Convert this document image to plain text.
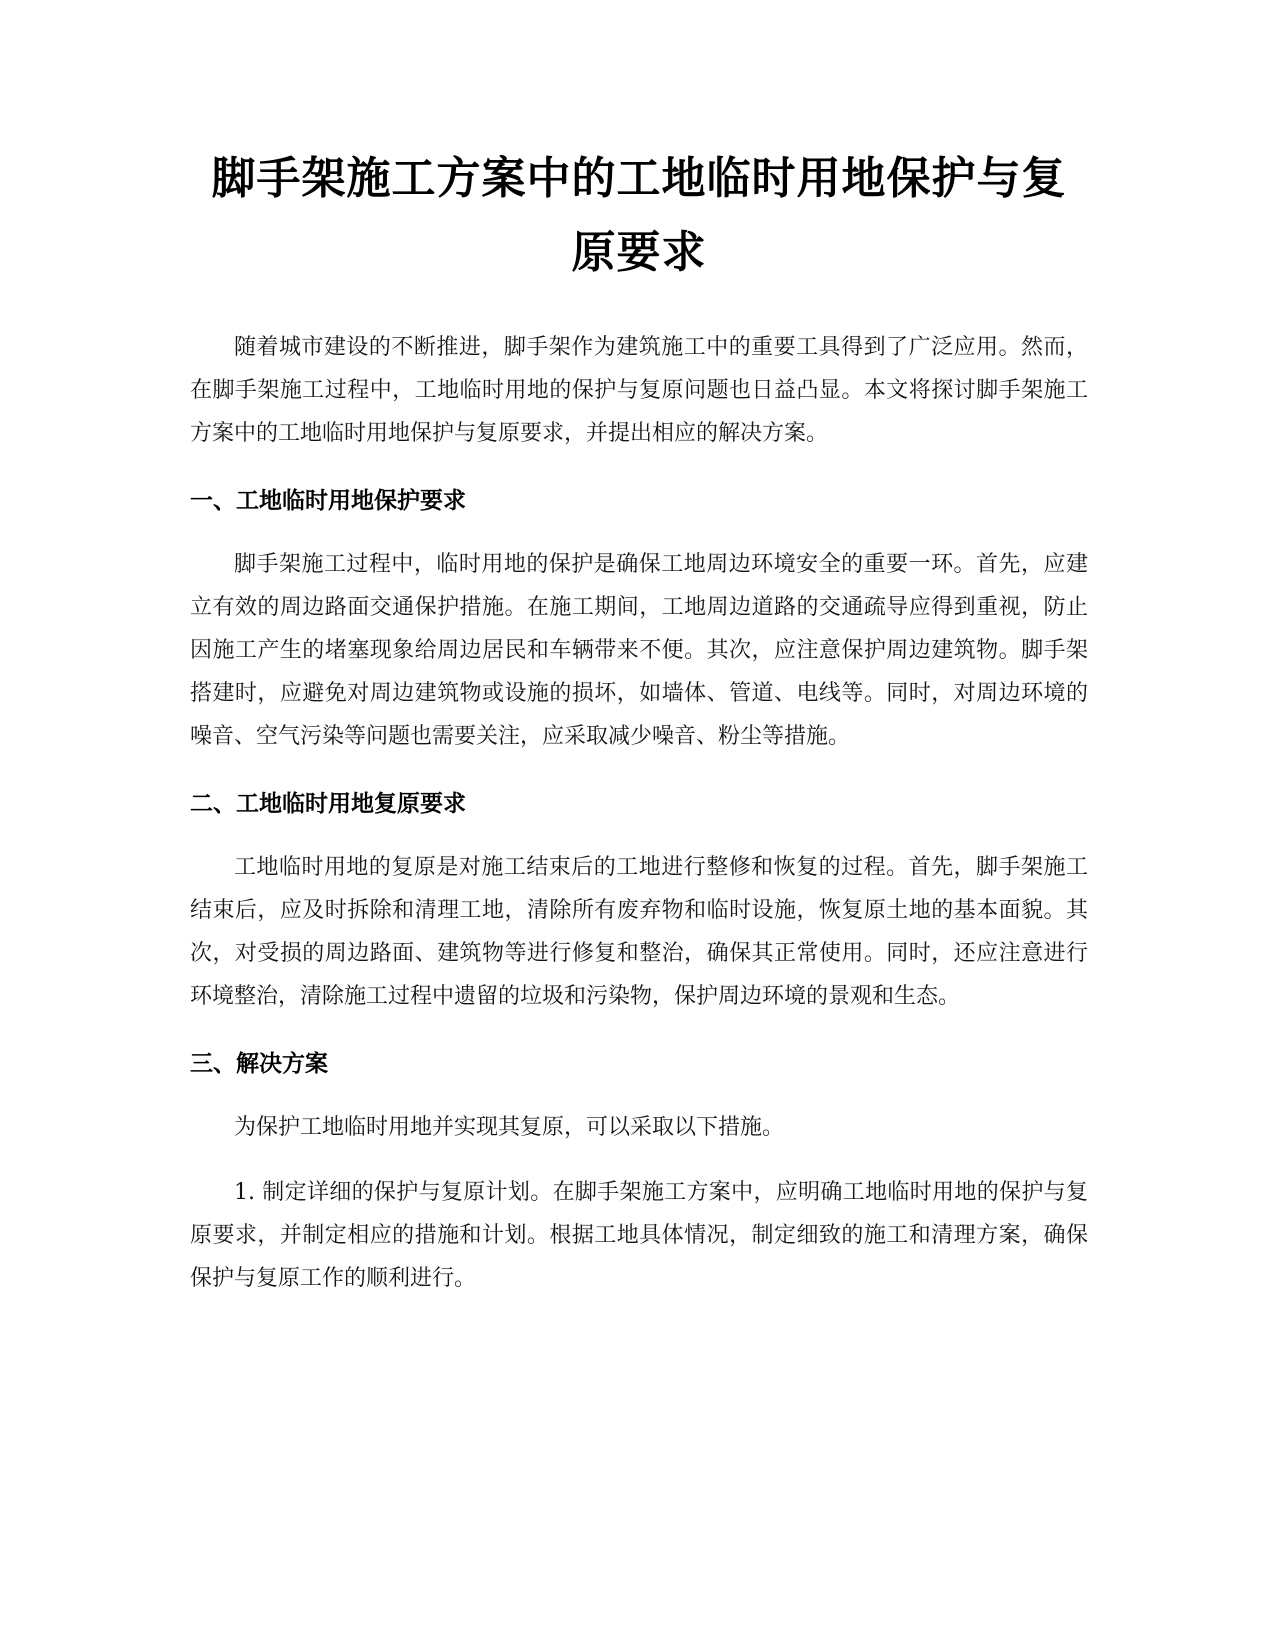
脚手架施工方案中的工地临时用地保护与复原要求

随着城市建设的不断推进，脚手架作为建筑施工中的重要工具得到了广泛应用。然而，在脚手架施工过程中，工地临时用地的保护与复原问题也日益凸显。本文将探讨脚手架施工方案中的工地临时用地保护与复原要求，并提出相应的解决方案。

一、工地临时用地保护要求

脚手架施工过程中，临时用地的保护是确保工地周边环境安全的重要一环。首先，应建立有效的周边路面交通保护措施。在施工期间，工地周边道路的交通疏导应得到重视，防止因施工产生的堵塞现象给周边居民和车辆带来不便。其次，应注意保护周边建筑物。脚手架搭建时，应避免对周边建筑物或设施的损坏，如墙体、管道、电线等。同时，对周边环境的噪音、空气污染等问题也需要关注，应采取减少噪音、粉尘等措施。

二、工地临时用地复原要求

工地临时用地的复原是对施工结束后的工地进行整修和恢复的过程。首先，脚手架施工结束后，应及时拆除和清理工地，清除所有废弃物和临时设施，恢复原土地的基本面貌。其次，对受损的周边路面、建筑物等进行修复和整治，确保其正常使用。同时，还应注意进行环境整治，清除施工过程中遗留的垃圾和污染物，保护周边环境的景观和生态。

三、解决方案

为保护工地临时用地并实现其复原，可以采取以下措施。

1. 制定详细的保护与复原计划。在脚手架施工方案中，应明确工地临时用地的保护与复原要求，并制定相应的措施和计划。根据工地具体情况，制定细致的施工和清理方案，确保保护与复原工作的顺利进行。
